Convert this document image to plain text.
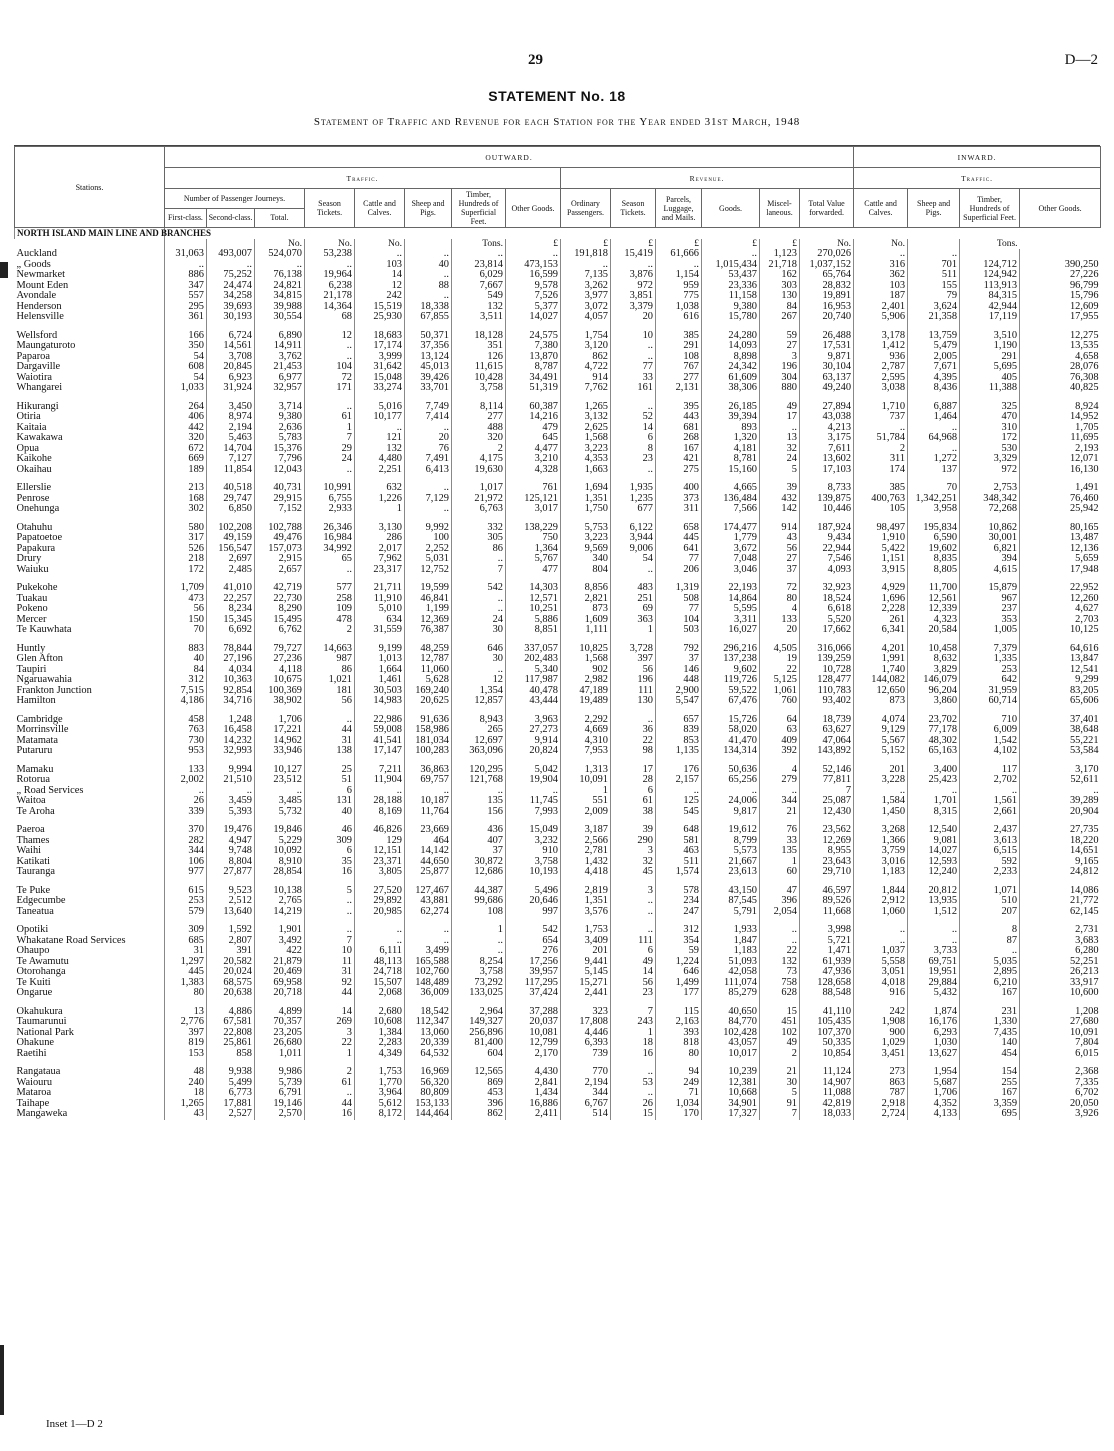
29	D—2
STATEMENT No. 18
Statement of Traffic and Revenue for each Station for the Year ended 31st March, 1948
Stations.	OUTWARD.														INWARD.			
	Traffic.								Revenue.						Traffic.			
	Number of Passenger Journeys.			Season Tickets.	Cattle and Calves.	Sheep and Pigs.	Timber, Hundreds of Superficial Feet.	Other Goods.	Ordinary Passengers.	Season Tickets.	Parcels, Luggage, and Mails.	Goods.	Miscel-laneous.	Total Value forwarded.	Cattle and Calves.	Sheep and Pigs.	Timber, Hundreds of Superficial Feet.	Other Goods.
	First-class.	Second-class.	Total.															
NORTH ISLAND MAIN LINE AND BRANCHES																		
			No.	No.	No.		Tons.	£	£	£	£	£	£	No.	No.		Tons.	
Auckland	31,063	493,007	524,070	53,238	..	..	..	..	191,818	15,419	61,666	..	1,123	270,026	..	..		
„ Goods	..	..	..	..	103	40	23,814	473,153	..	..	..	1,015,434	21,718	1,037,152	316	701	124,712	390,250
Newmarket	886	75,252	76,138	19,964	14	..	6,029	16,599	7,135	3,876	1,154	53,437	162	65,764	362	511	124,942	27,226
Mount Eden	347	24,474	24,821	6,238	12	88	7,667	9,578	3,262	972	959	23,336	303	28,832	103	155	113,913	96,799
Avondale	557	34,258	34,815	21,178	242	..	549	7,526	3,977	3,851	775	11,158	130	19,891	187	79	84,315	15,796
Henderson	295	39,693	39,988	14,364	15,519	18,338	132	5,377	3,072	3,379	1,038	9,380	84	16,953	2,401	3,624	42,944	12,609
Helensville	361	30,193	30,554	68	25,930	67,855	3,511	14,027	4,057	20	616	15,780	267	20,740	5,906	21,358	17,119	17,955

Wellsford	166	6,724	6,890	12	18,683	50,371	18,128	24,575	1,754	10	385	24,280	59	26,488	3,178	13,759	3,510	12,275
Maungaturoto	350	14,561	14,911	..	17,174	37,356	351	7,380	3,120	..	291	14,093	27	17,531	1,412	5,479	1,190	13,535
Paparoa	54	3,708	3,762	..	3,999	13,124	126	13,870	862	..	108	8,898	3	9,871	936	2,005	291	4,658
Dargaville	608	20,845	21,453	104	31,642	45,013	11,615	8,787	4,722	77	767	24,342	196	30,104	2,787	7,671	5,695	28,076
Waiotira	54	6,923	6,977	72	15,048	39,426	10,428	34,491	914	33	277	61,609	304	63,137	2,595	4,395	405	76,308
Whangarei	1,033	31,924	32,957	171	33,274	33,701	3,758	51,319	7,762	161	2,131	38,306	880	49,240	3,038	8,436	11,388	40,825

Hikurangi	264	3,450	3,714	..	5,016	7,749	8,114	60,387	1,265	..	395	26,185	49	27,894	1,710	6,887	325	8,924
Otiria	406	8,974	9,380	61	10,177	7,414	277	14,216	3,132	52	443	39,394	17	43,038	737	1,464	470	14,952
Kaitaia	442	2,194	2,636	1	..	..	488	479	2,625	14	681	893	..	4,213	..	..	310	1,705
Kawakawa	320	5,463	5,783	7	121	20	320	645	1,568	6	268	1,320	13	3,175	51,784	64,968	172	11,695
Opua	672	14,704	15,376	29	132	76	2	4,477	3,223	8	167	4,181	32	7,611	2	..	530	2,193
Kaikohe	669	7,127	7,796	24	4,480	7,491	4,175	3,210	4,353	23	421	8,781	24	13,602	311	1,272	3,329	12,071
Okaihau	189	11,854	12,043	..	2,251	6,413	19,630	4,328	1,663	..	275	15,160	5	17,103	174	137	972	16,130

Ellerslie	213	40,518	40,731	10,991	632	..	1,017	761	1,694	1,935	400	4,665	39	8,733	385	70	2,753	1,491
Penrose	168	29,747	29,915	6,755	1,226	7,129	21,972	125,121	1,351	1,235	373	136,484	432	139,875	400,763	1,342,251	348,342	76,460
Onehunga	302	6,850	7,152	2,933	1	..	6,763	3,017	1,750	677	311	7,566	142	10,446	105	3,958	72,268	25,942

Otahuhu	580	102,208	102,788	26,346	3,130	9,992	332	138,229	5,753	6,122	658	174,477	914	187,924	98,497	195,834	10,862	80,165
Papatoetoe	317	49,159	49,476	16,984	286	100	305	750	3,223	3,944	445	1,779	43	9,434	1,910	6,590	30,001	13,487
Papakura	526	156,547	157,073	34,992	2,017	2,252	86	1,364	9,569	9,006	641	3,672	56	22,944	5,422	19,602	6,821	12,136
Drury	218	2,697	2,915	65	7,962	5,031	..	5,767	340	54	77	7,048	27	7,546	1,151	8,835	394	5,659
Waiuku	172	2,485	2,657	..	23,317	12,752	7	477	804	..	206	3,046	37	4,093	3,915	8,805	4,615	17,948

Pukekohe	1,709	41,010	42,719	577	21,711	19,599	542	14,303	8,856	483	1,319	22,193	72	32,923	4,929	11,700	15,879	22,952
Tuakau	473	22,257	22,730	258	11,910	46,841	..	12,571	2,821	251	508	14,864	80	18,524	1,696	12,561	967	12,260
Pokeno	56	8,234	8,290	109	5,010	1,199	..	10,251	873	69	77	5,595	4	6,618	2,228	12,339	237	4,627
Mercer	150	15,345	15,495	478	634	12,369	24	5,886	1,609	363	104	3,311	133	5,520	261	4,323	353	2,703
Te Kauwhata	70	6,692	6,762	2	31,559	76,387	30	8,851	1,111	1	503	16,027	20	17,662	6,341	20,584	1,005	10,125

Huntly	883	78,844	79,727	14,663	9,199	48,259	646	337,057	10,825	3,728	792	296,216	4,505	316,066	4,201	10,458	7,379	64,616
Glen Afton	40	27,196	27,236	987	1,013	12,787	30	202,483	1,568	397	37	137,238	19	139,259	1,991	8,632	1,335	13,847
Taupiri	84	4,034	4,118	86	1,664	11,060	..	5,340	902	56	146	9,602	22	10,728	1,740	3,829	253	12,541
Ngaruawahia	312	10,363	10,675	1,021	1,461	5,628	12	117,987	2,982	196	448	119,726	5,125	128,477	144,082	146,079	642	9,299
Frankton Junction	7,515	92,854	100,369	181	30,503	169,240	1,354	40,478	47,189	111	2,900	59,522	1,061	110,783	12,650	96,204	31,959	83,205
Hamilton	4,186	34,716	38,902	56	14,983	20,625	12,857	43,444	19,489	130	5,547	67,476	760	93,402	873	3,860	60,714	65,606

Cambridge	458	1,248	1,706	..	22,986	91,636	8,943	3,963	2,292	..	657	15,726	64	18,739	4,074	23,702	710	37,401
Morrinsville	763	16,458	17,221	44	59,008	158,986	265	27,273	4,669	36	839	58,020	63	63,627	9,129	77,178	6,009	38,648
Matamata	730	14,232	14,962	31	41,541	181,034	12,697	9,914	4,310	22	853	41,470	409	47,064	5,567	48,302	1,542	55,221
Putaruru	953	32,993	33,946	138	17,147	100,283	363,096	20,824	7,953	98	1,135	134,314	392	143,892	5,152	65,163	4,102	53,584

Mamaku	133	9,994	10,127	25	7,211	36,863	120,295	5,042	1,313	17	176	50,636	4	52,146	201	3,400	117	3,170
Rotorua	2,002	21,510	23,512	51	11,904	69,757	121,768	19,904	10,091	28	2,157	65,256	279	77,811	3,228	25,423	2,702	52,611
„ Road Services	..	..	..	6	..	..	..	..	1	6	..	..	..	7	..	..	..	..
Waitoa	26	3,459	3,485	131	28,188	10,187	135	11,745	551	61	125	24,006	344	25,087	1,584	1,701	1,561	39,289
Te Aroha	339	5,393	5,732	40	8,169	11,764	156	7,993	2,009	38	545	9,817	21	12,430	1,450	8,315	2,661	20,904

Paeroa	370	19,476	19,846	46	46,826	23,669	436	15,049	3,187	39	648	19,612	76	23,562	3,268	12,540	2,437	27,735
Thames	282	4,947	5,229	309	129	464	407	3,232	2,566	290	581	8,799	33	12,269	1,366	9,081	3,613	18,220
Waihi	344	9,748	10,092	6	12,151	14,142	37	910	2,781	3	463	5,573	135	8,955	3,759	14,027	6,515	14,651
Katikati	106	8,804	8,910	35	23,371	44,650	30,872	3,758	1,432	32	511	21,667	1	23,643	3,016	12,593	592	9,165
Tauranga	977	27,877	28,854	16	3,805	25,877	12,686	10,193	4,418	45	1,574	23,613	60	29,710	1,183	12,240	2,233	24,812

Te Puke	615	9,523	10,138	5	27,520	127,467	44,387	5,496	2,819	3	578	43,150	47	46,597	1,844	20,812	1,071	14,086
Edgecumbe	253	2,512	2,765	..	29,892	43,881	99,686	20,646	1,351	..	234	87,545	396	89,526	2,912	13,935	510	21,772
Taneatua	579	13,640	14,219	..	20,985	62,274	108	997	3,576	..	247	5,791	2,054	11,668	1,060	1,512	207	62,145

Opotiki	309	1,592	1,901	..	..	..	1	542	1,753	..	312	1,933	..	3,998	..	..	8	2,731
Whakatane Road Services	685	2,807	3,492	7	..	..	..	654	3,409	111	354	1,847	..	5,721	..	..	87	3,683
Ohaupo	31	391	422	10	6,111	3,499	..	276	201	6	59	1,183	22	1,471	1,037	3,733	..	6,280
Te Awamutu	1,297	20,582	21,879	11	48,113	165,588	8,254	17,256	9,441	49	1,224	51,093	132	61,939	5,558	69,751	5,035	52,251
Otorohanga	445	20,024	20,469	31	24,718	102,760	3,758	39,957	5,145	14	646	42,058	73	47,936	3,051	19,951	2,895	26,213
Te Kuiti	1,383	68,575	69,958	92	15,507	148,489	73,292	117,295	15,271	56	1,499	111,074	758	128,658	4,018	29,884	6,210	33,917
Ongarue	80	20,638	20,718	44	2,068	36,009	133,025	37,424	2,441	23	177	85,279	628	88,548	916	5,432	167	10,600

Okahukura	13	4,886	4,899	14	2,680	18,542	2,964	37,288	323	7	115	40,650	15	41,110	242	1,874	231	1,208
Taumarunui	2,776	67,581	70,357	269	10,608	112,347	149,327	20,037	17,808	243	2,163	84,770	451	105,435	1,908	16,176	1,330	27,680
National Park	397	22,808	23,205	3	1,384	13,060	256,896	10,081	4,446	1	393	102,428	102	107,370	900	6,293	7,435	10,091
Ohakune	819	25,861	26,680	22	2,283	20,339	81,400	12,799	6,393	18	818	43,057	49	50,335	1,029	1,030	140	7,804
Raetihi	153	858	1,011	1	4,349	64,532	604	2,170	739	16	80	10,017	2	10,854	3,451	13,627	454	6,015

Rangataua	48	9,938	9,986	2	1,753	16,969	12,565	4,430	770	..	94	10,239	21	11,124	273	1,954	154	2,368
Waiouru	240	5,499	5,739	61	1,770	56,320	869	2,841	2,194	53	249	12,381	30	14,907	863	5,687	255	7,335
Mataroa	18	6,773	6,791	..	3,964	80,809	453	1,434	344	..	71	10,668	5	11,088	787	1,706	167	6,702
Taihape	1,265	17,881	19,146	44	5,612	153,133	396	16,886	6,767	26	1,034	34,901	91	42,819	2,918	4,352	3,359	20,050
Mangaweka	43	2,527	2,570	16	8,172	144,464	862	2,411	514	15	170	17,327	7	18,033	2,724	4,133	695	3,926
Inset 1—D 2
